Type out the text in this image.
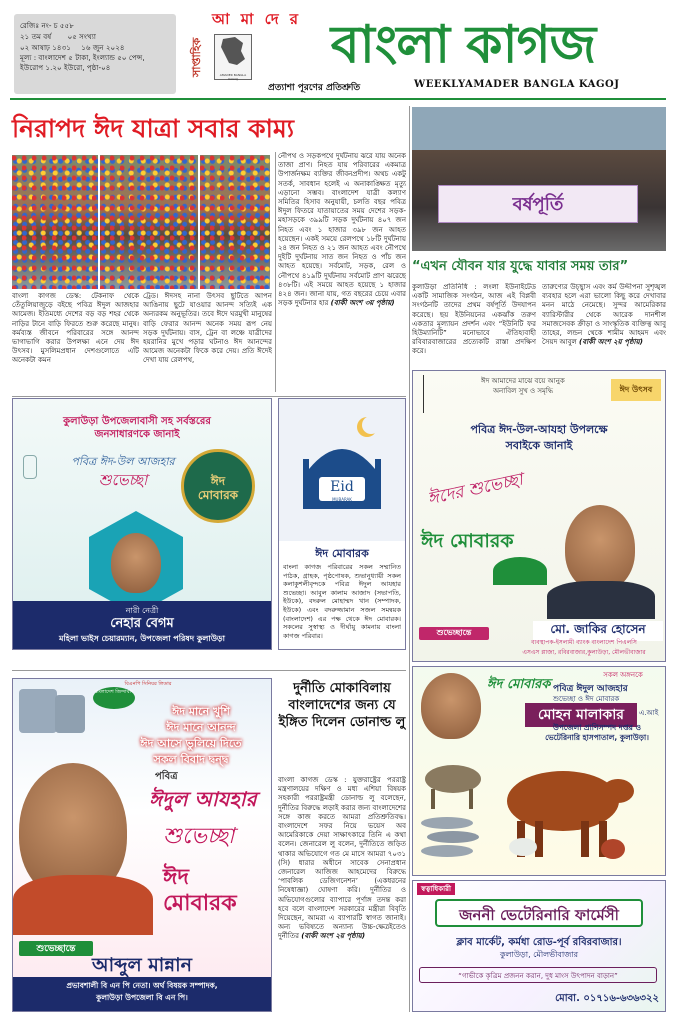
রেজিঃ নং- চ ৫৫৮
২১ তম বর্ষ ০৫ সংখ্যা
০২ আষাঢ় ১৪৩১ ১৬ জুন ২০২৪
মূল্য : বাংলাদেশ ৫ টাকা, ইংল্যান্ড ৫০ পেন্স, ইউরোপ ১.২০ ইউরো, পৃষ্ঠা-০৪	সাপ্তাহিক	AMADER BANGLA KAGOJ
আ মা দে র বাংলা কাগজ
প্রত্যাশা পূরণের প্রতিশ্রুতি	WEEKLYAMADER BANGLA KAGOJ
নিরাপদ ঈদ যাত্রা সবার কাম্য
বাংলা কাগজ ডেস্ক: টেকনাফ থেকে তেঁতুলিয়াজুড়ে বইছে পবিত্র ঈদুল আজহার আমেজ। ইতিমধ্যে দেশের বড় বড় শহর থেকে নাড়ির টানে বাড়ি ফিরতে শুরু করেছে মানুষ। কর্মব্যস্ত জীবনে পরিবারের সঙ্গে আনন্দ ভাগাভাগি করার উপলক্ষ্য এনে দেয় ঈদ উৎসব। মুসলিমপ্রধান দেশগুলোতে এটি অনেকটা কমন
ট্রেড। ঈদসহ নানা উৎসব ছুটিতে আপন আঙিনায় ছুটে যাওয়ার আনন্দ সত্যিই এক অন্যরকম অনুভূতির। তবে ঈদে ঘরমুখী মানুষের বাড়ি ফেরার আনন্দ অনেক সময় রূপ নেয় সড়ক দুর্ঘটনায়। বাস, ট্রেন বা লঞ্চে যাত্রীদের হয়রানির মুখে পড়ার ঘটনাও ঈদ আনন্দের আমেজ অনেকটা ফিকে করে দেয়। প্রতি ঈদেই দেখা যায় রেলপথ,
নৌপথ ও সড়কপথে দুর্ঘটনায় ঝরে যায় অনেক তাজা প্রাণ। নিহত যায় পরিবারের একমাত্র উপার্জনক্ষম ব্যক্তির জীবনপ্রদীপ। অথচ একটু সতর্ক, সাবধান হলেই এ অনাকাঙ্ক্ষিত মৃত্যু এড়ানো সম্ভব। বাংলাদেশ যাত্রী কল্যাণ সমিতির হিসাব অনুযায়ী, চলতি বছর পবিত্র ঈদুল ফিতরে যাতায়াতের সময় দেশের সড়ক-মহাসড়কে ৩৯৯টি সড়ক দুর্ঘটনায় ৪০৭ জন নিহত এবং ১ হাজার ৩৯৮ জন আহত হয়েছেন। একই সময়ে রেলপথে ১৮টি দুর্ঘটনায় ২৪ জন নিহত ও ২১ জন আহত এবং নৌপথে দুইটি দুর্ঘটনায় সাত জন নিহত ও পাঁচ জন আহত হয়েছে। সর্বমোট, সড়ক, রেল ও নৌপথে ৪১৯টি দুর্ঘটনায় সর্বমোট প্রাণ ঝরেছে ৪৩৮টি। এই সময়ে আহত হয়েছে ১ হাজার ৪২৪ জন। জানা যায়, গত বছরের চেয়ে এবার সড়ক দুর্ঘটনার হার (বাকী অংশ ৩য় পৃষ্ঠায়)
বর্ষপূর্তি
“এখন যৌবন যার যুদ্ধে যাবার সময় তার”
কুলাউড়া প্রতিনিধি : লংলা ইউনাইটেড একটি সামাজিক সংগঠন, আজ এই বিপ্লবী সংগঠনটি তাদের প্রথম বর্ষপূর্তি উদযাপন করেছে। ছয় ইউনিয়নের একঝাঁক তরুণ একতার মূল্যায়ন প্রদর্শন এবং “ইউনিটি ফর হিউম্যানিটি” মনোভাবে ঐতিহ্যবাহী রবিবারবাজারের প্রত্যেকটি রাস্তা প্রদক্ষিণ করে।
তারুণ্যের উচ্ছ্বাস এবং কর্ম উদ্দীপনা সুশৃঙ্খল ব্যবহার হলে এরা ভালো কিছু করে দেখাবার মনন মাঠে নেমেছে। সুন্দর আমেরিকার ব্যারিস্টারীর থেকে আরেক দানশীল সমাজসেবক ক্রীড়া ও সাংস্কৃতিক ব্যক্তিত্ব আবু তাহের, লন্ডন থেকে শামীম আহমদ এবং সৈয়দ আবুল (বাকী অংশ ২য় পৃষ্ঠায়)
কুলাউড়া উপজেলাবাসী সহ সর্বস্তরের জনসাধারণকে জানাই
পবিত্র ঈদ-উল আজহার
শুভেচ্ছা	ঈদ মোবারক
নারী নেত্রী
নেহার বেগম
মহিলা ভাইস চেয়ারম্যান, উপজেলা পরিষদ কুলাউড়া
Eid
MUBARAK
ঈদ মোবারক
বাংলা কাগজ পরিবারের সকল সম্মানিত পাঠক, গ্রাহক, পৃষ্ঠপোষক, শুভানুধ্যায়ী সকল কলাকুশলীবৃন্দকে পবিত্র ঈদুল আযহার শুভেচ্ছা। আবুল কালাম আজাদ (সভাপতি, ইউকে), বদরুল মোহাম্মদ খান (সম্পাদক, ইউকে) এবং বদরুজ্জামান সজল সমন্বয়ক (বাংলাদেশ) এর পক্ষ থেকে ঈদ মোবারক। সকলের সুস্বাস্থ্য ও দীর্ঘায়ু কামনায় বাংলা কাগজ পরিবার।
ঈদ আমাদের মাঝে বয়ে আনুক
অনাবিল সুখ ও সমৃদ্ধি	ঈদ উৎসব
পবিত্র ঈদ-উল-আযহা উপলক্ষে
সবাইকে জানাই
ঈদের শুভেচ্ছা
ঈদ মোবারক
শুভেচ্ছান্তে	মো. জাকির হোসেন
ব্যবস্থাপক-ইসলামী ব্যাংক বাংলাদেশ পিএলসি
এসএস প্লাজা, রবিরবাজার,কুলাউড়া, মৌলভীবাজার
বিএনপি সিনিয়র লিডার
বাংলাদেশ জিন্দাবাদ
ঈদ মানে খুশি
ঈদ মানে আনন্দ
ঈদ আসে ভুলিয়ে দিতে
সকল বিবাদ দ্বন্দ্ব
পবিত্র
ঈদুল আযহার
শুভেচ্ছা
ঈদ মোবারক
শুভেচ্ছান্তে
আব্দুল মান্নান
প্রভাবশালী বি এন পি নেতা। অর্থ বিষয়ক সম্পাদক,
কুলাউড়া উপজেলা বি এন পি।
দুর্নীতি মোকাবিলায় বাংলাদেশের জন্য যে ইঙ্গিত দিলেন ডোনাল্ড লু
বাংলা কাগজ ডেস্ক : যুক্তরাষ্ট্রের পররাষ্ট্র মন্ত্রণালয়ের দক্ষিণ ও মধ্য এশিয়া বিষয়ক সহকারী পররাষ্ট্রমন্ত্রী ডোনাল্ড লু বলেছেন, দুর্নীতির বিরুদ্ধে লড়াই করার জন্য বাংলাদেশের সঙ্গে কাজ করতে আমরা প্রতিশ্রুতিবদ্ধ। বাংলাদেশে সফর নিয়ে ভয়েস অব আমেরিকাকে দেয়া সাক্ষাৎকারে তিনি এ কথা বলেন। জেনারেল লু বলেন, দুর্নীতিতে জড়িত থাকার অভিযোগে গত মে মাসে আমরা ৭০৩১ (সি) ধারার অধীনে সাবেক সেনাপ্রধান জেনারেল আজিজ আহমেদের বিরুদ্ধে ‘পাবলিক ডেজিগনেশন’ (একধরনের নিষেধাজ্ঞা) ঘোষণা করি। দুর্নীতির ও অভিযোগগুলোর ব্যাপারে পূর্ণাঙ্গ তদন্ত করা হবে বলে বাংলাদেশ সরকারের মন্ত্রীরা বিবৃতি দিয়েছেন, আমরা এ ব্যাপারটি স্বাগত জানাই। অন্য ভবিষ্যতে অন্যান্য উচ্চ-ক্ষেত্রইতেও দুর্নীতির (বাকী অংশ ২য় পৃষ্ঠায়)
সকল অঙ্গনকে
ঈদ মোবারক পবিত্র ঈদুল আজহার
শুভেচ্ছা ও ঈদ মোবারক
মোহন মালাকার	এ.আই
উপজেলা প্রাণিসম্পদ দপ্তর ও
ভেটেরিনারি হাসপাতাল, কুলাউড়া।
স্বত্বাধিকারী
জননী ভেটেরিনারি ফার্মেসী
ক্লাব মার্কেট, কর্মধা রোড-পূর্ব রবিরবাজার।
কুলাউড়া, মৌলভীবাজার
“গাভীকে কৃত্রিম প্রজনন করান, দুধ মাংস উৎপাদন বাড়ান”
মোবা. ০১৭১৬-৬৩৬৩২২
